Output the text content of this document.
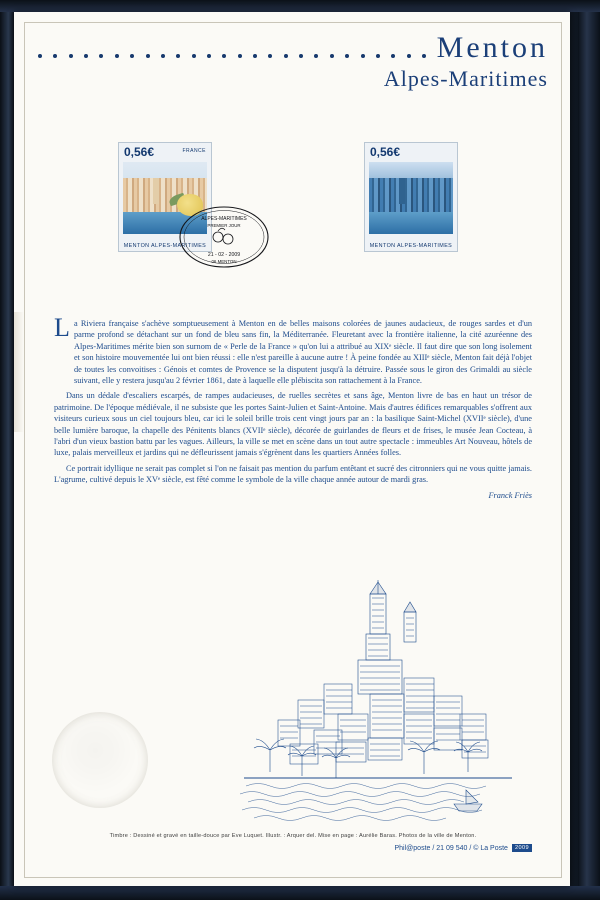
Menton
Alpes-Maritimes
0,56€	FRANCE
MENTON ALPES-MARITIMES
0,56€
MENTON ALPES-MARITIMES
ALPES-MARITIMES
PREMIER JOUR
21 - 02 - 2009
06 MENTON

L a Riviera française s'achève somptueusement à Menton en de belles maisons colorées de jaunes audacieux, de rouges sardes et d'un parme profond se détachant sur un fond de bleu sans fin, la Méditerranée. Fleuretant avec la frontière italienne, la cité azuréenne des Alpes-Maritimes mérite bien son surnom de « Perle de la France » qu'on lui a attribué au XIXᵉ siècle. Il faut dire que son long isolement et son histoire mouvementée lui ont bien réussi : elle n'est pareille à aucune autre ! À peine fondée au XIIIᵉ siècle, Menton fait déjà l'objet de toutes les convoitises : Génois et comtes de Provence se la disputent jusqu'à la détruire. Passée sous le giron des Grimaldi au siècle suivant, elle y restera jusqu'au 2 février 1861, date à laquelle elle plébiscita son rattachement à la France.

Dans un dédale d'escaliers escarpés, de rampes audacieuses, de ruelles secrètes et sans âge, Menton livre de bas en haut un trésor de patrimoine. De l'époque médiévale, il ne subsiste que les portes Saint-Julien et Saint-Antoine. Mais d'autres édifices remarquables s'offrent aux visiteurs curieux sous un ciel toujours bleu, car ici le soleil brille trois cent vingt jours par an : la basilique Saint-Michel (XVIIᵉ siècle), d'une belle lumière baroque, la chapelle des Pénitents blancs (XVIIᵉ siècle), décorée de guirlandes de fleurs et de frises, le musée Jean Cocteau, à l'abri d'un vieux bastion battu par les vagues. Ailleurs, la ville se met en scène dans un tout autre spectacle : immeubles Art Nouveau, hôtels de luxe, palais merveilleux et jardins qui ne défleurissent jamais s'égrènent dans les quartiers Années folles.

Ce portrait idyllique ne serait pas complet si l'on ne faisait pas mention du parfum entêtant et sucré des citronniers qui ne vous quitte jamais. L'agrume, cultivé depuis le XVᵉ siècle, est fêté comme le symbole de la ville chaque année autour de mardi gras.

Franck Friès
Timbre : Dessiné et gravé en taille-douce par Eve Luquet. Illustr. : Arquer del. Mise en page : Aurélie Baras. Photos de la ville de Menton.
Phil@poste / 21 09 540 / © La Poste	2009
